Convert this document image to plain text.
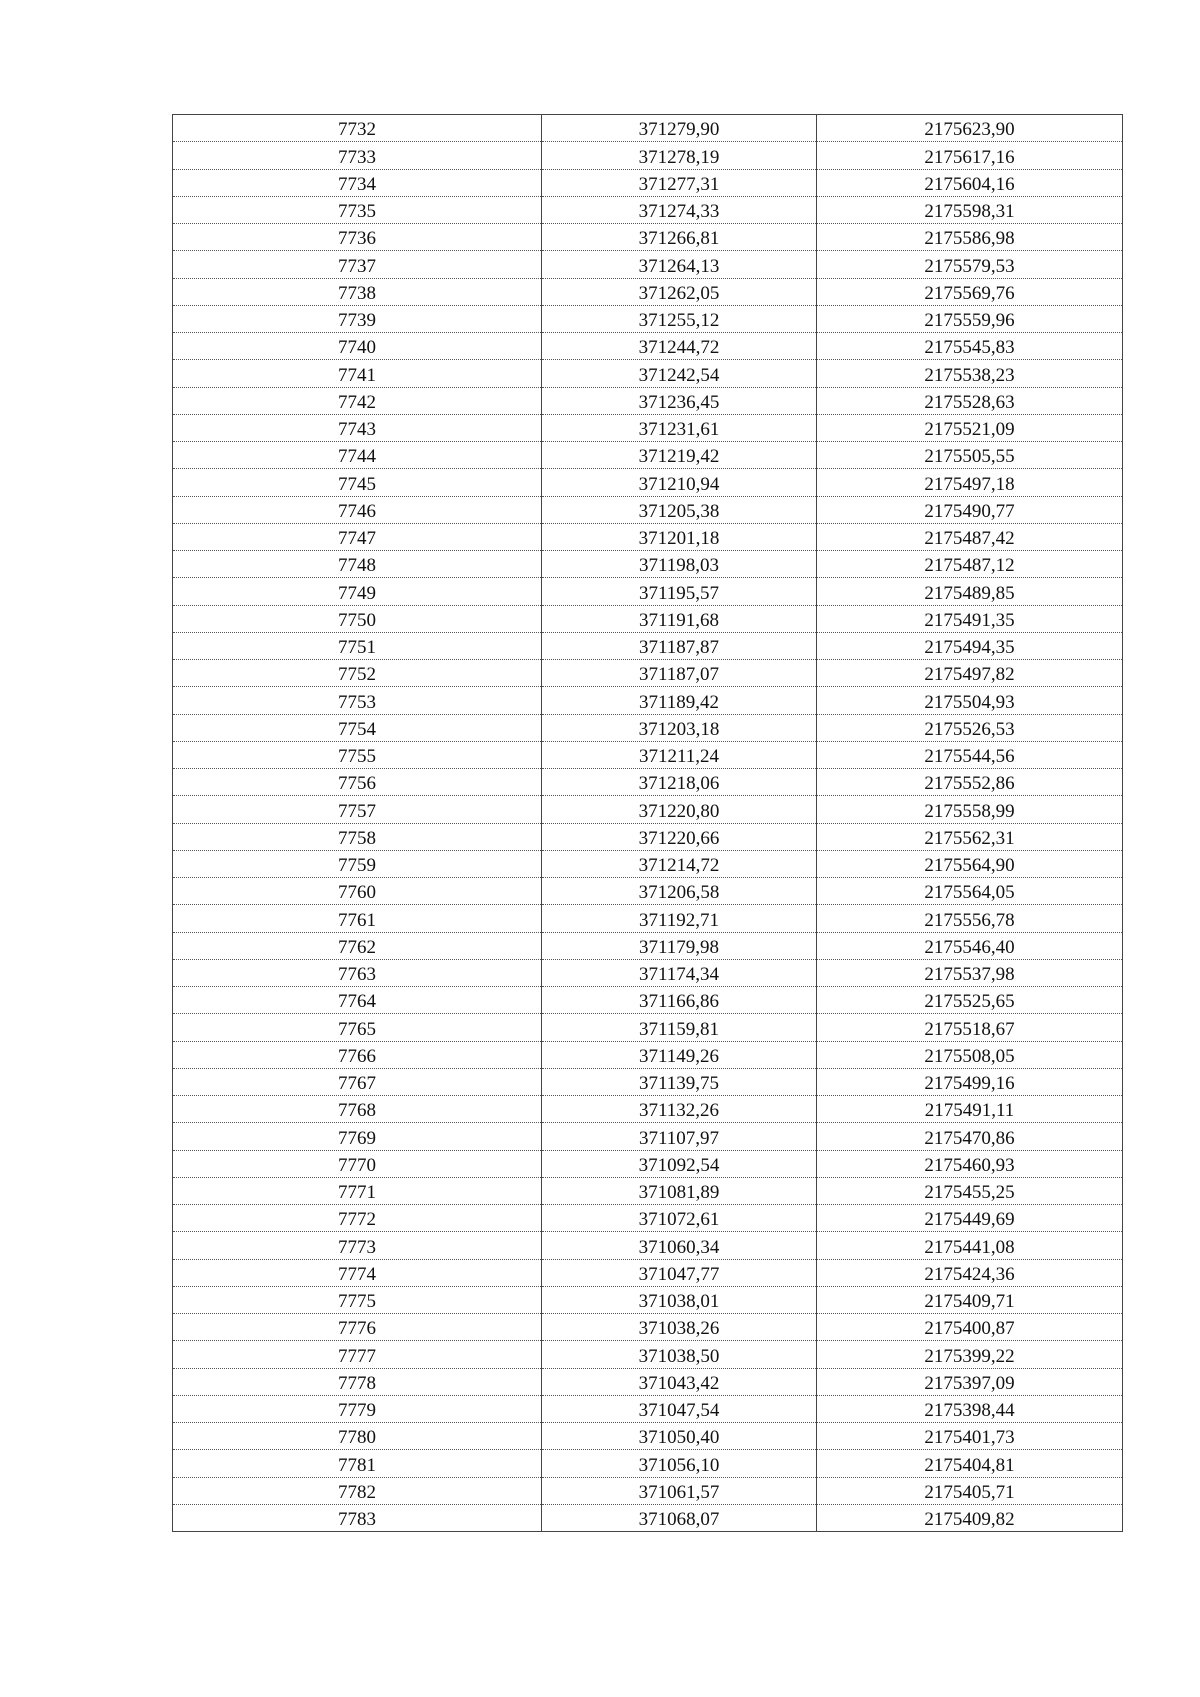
7732	371279,90	2175623,90
7733	371278,19	2175617,16
7734	371277,31	2175604,16
7735	371274,33	2175598,31
7736	371266,81	2175586,98
7737	371264,13	2175579,53
7738	371262,05	2175569,76
7739	371255,12	2175559,96
7740	371244,72	2175545,83
7741	371242,54	2175538,23
7742	371236,45	2175528,63
7743	371231,61	2175521,09
7744	371219,42	2175505,55
7745	371210,94	2175497,18
7746	371205,38	2175490,77
7747	371201,18	2175487,42
7748	371198,03	2175487,12
7749	371195,57	2175489,85
7750	371191,68	2175491,35
7751	371187,87	2175494,35
7752	371187,07	2175497,82
7753	371189,42	2175504,93
7754	371203,18	2175526,53
7755	371211,24	2175544,56
7756	371218,06	2175552,86
7757	371220,80	2175558,99
7758	371220,66	2175562,31
7759	371214,72	2175564,90
7760	371206,58	2175564,05
7761	371192,71	2175556,78
7762	371179,98	2175546,40
7763	371174,34	2175537,98
7764	371166,86	2175525,65
7765	371159,81	2175518,67
7766	371149,26	2175508,05
7767	371139,75	2175499,16
7768	371132,26	2175491,11
7769	371107,97	2175470,86
7770	371092,54	2175460,93
7771	371081,89	2175455,25
7772	371072,61	2175449,69
7773	371060,34	2175441,08
7774	371047,77	2175424,36
7775	371038,01	2175409,71
7776	371038,26	2175400,87
7777	371038,50	2175399,22
7778	371043,42	2175397,09
7779	371047,54	2175398,44
7780	371050,40	2175401,73
7781	371056,10	2175404,81
7782	371061,57	2175405,71
7783	371068,07	2175409,82
